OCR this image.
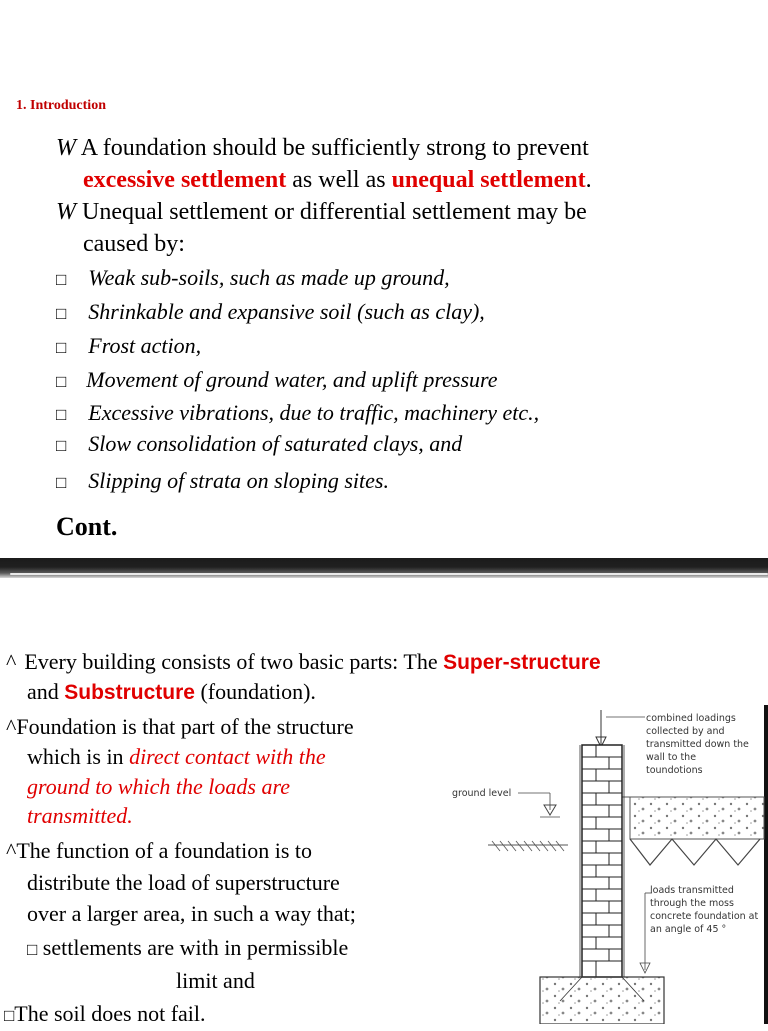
1. Introduction
W A foundation should be sufficiently strong to prevent
excessive settlement as well as unequal settlement.
W Unequal settlement or differential settlement may be
caused by:
□ Weak sub-soils, such as made up ground,
□ Shrinkable and expansive soil (such as clay),
□ Frost action,
□ Movement of ground water, and uplift pressure
□ Excessive vibrations, due to traffic, machinery etc.,
□ Slow consolidation of saturated clays, and
□ Slipping of strata on sloping sites.
Cont.
^ Every building consists of two basic parts: The Super-structure
and Substructure (foundation).
^Foundation is that part of the structure
which is in direct contact with the
ground to which the loads are
transmitted.
^The function of a foundation is to
distribute the load of superstructure
over a larger area, in such a way that;
□ settlements are with in permissible
limit and
□The soil does not fail.
combined loadings collected by and transmitted down the wall to the toundotions
ground level
loads transmitted through the moss concrete foundation at an angle of 45 °
